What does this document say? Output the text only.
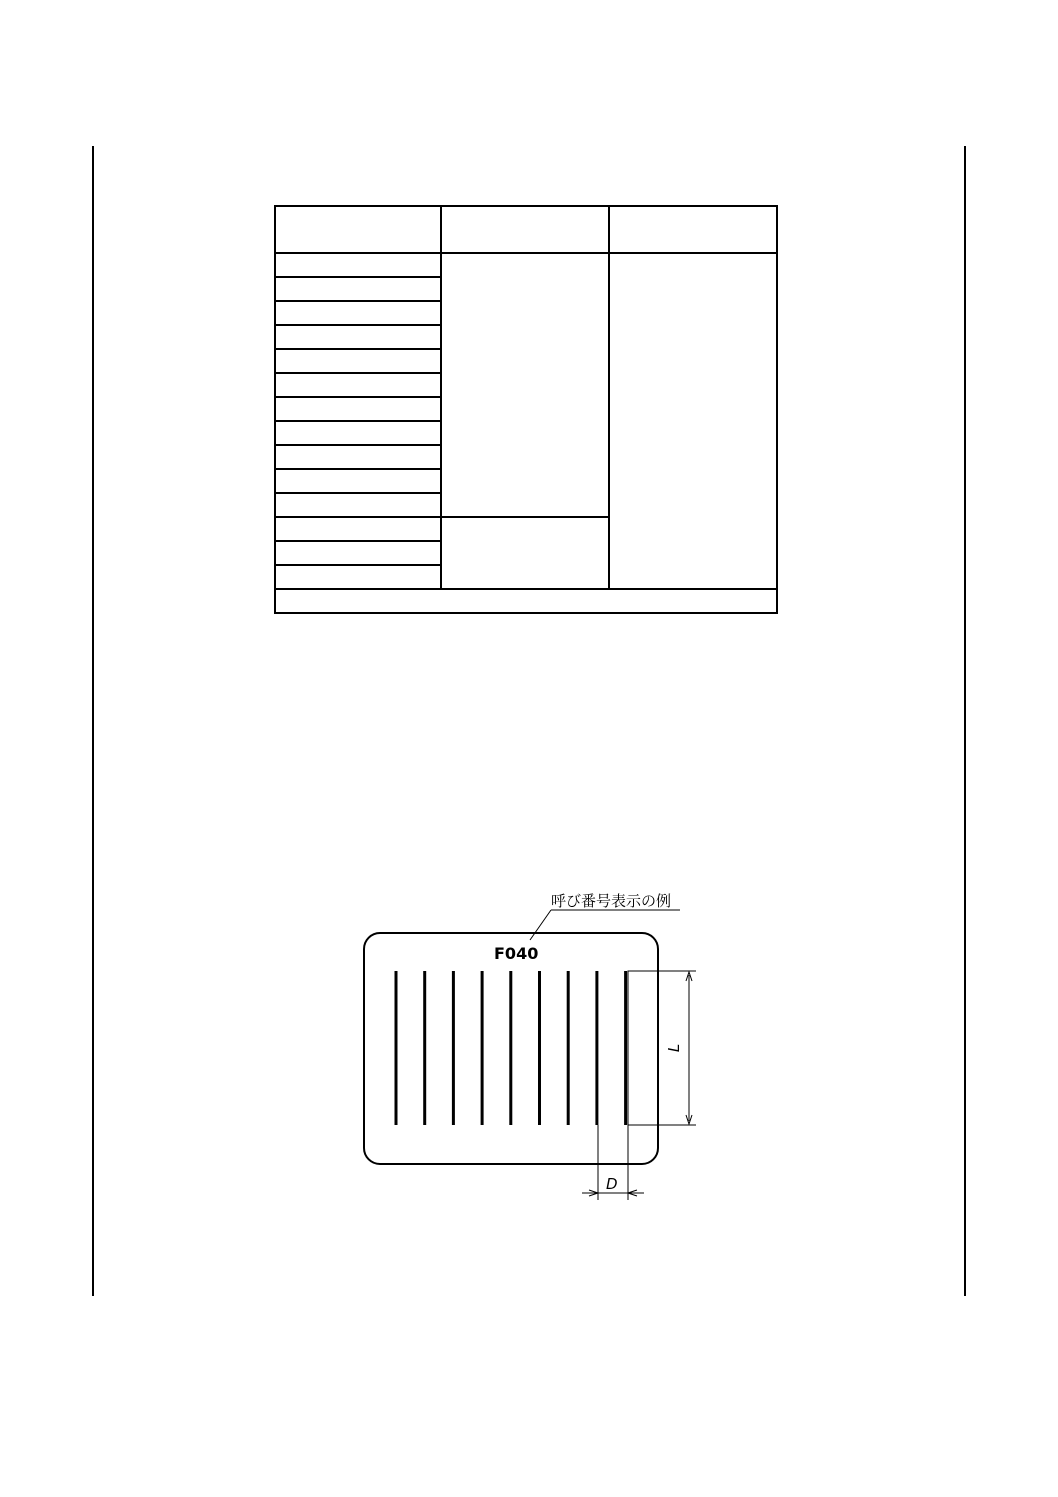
呼び番号表示の例
F040
D
L
